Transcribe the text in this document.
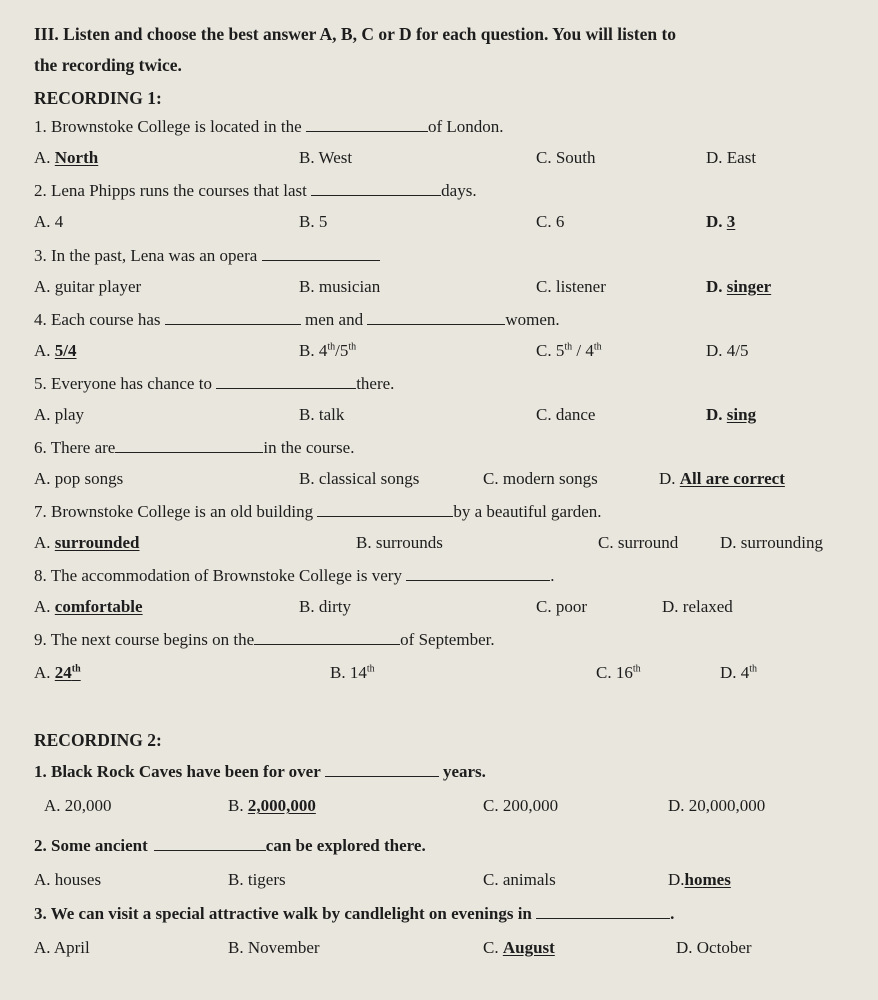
III. Listen and choose the best answer A, B, C or D for each question. You will listen to
the recording twice.
RECORDING 1:
1. Brownstoke College is located in the	of London.
A. North	B. West	C. South	D. East
2. Lena Phipps runs the courses that last	days.
A. 4	B. 5	C. 6	D. 3
3. In the past, Lena was an opera
A. guitar player	B. musician	C. listener	D. singer
4. Each course has	men and	women.
A. 5/4	B. 4th/5th	C. 5th / 4th	D. 4/5
5. Everyone has chance to	there.
A. play	B. talk	C. dance	D. sing
6. There are	in the course.
A. pop songs	B. classical songs	C. modern songs	D. All are correct
7. Brownstoke College is an old building	by a beautiful garden.
A. surrounded	B. surrounds	C. surround D. surrounding
8. The accommodation of Brownstoke College is very	.
A. comfortable	B. dirty	C. poor	D. relaxed
9. The next course begins on the	of September.
A. 24th	B. 14th	C. 16th	D. 4th
RECORDING 2:
1. Black Rock Caves have been for over	years.
A. 20,000	B. 2,000,000	C. 200,000	D. 20,000,000
2. Some ancient	can be explored there.
A. houses	B. tigers	C. animals	D.homes
3. We can visit a special attractive walk by candlelight on evenings in	.
A. April	B. November	C. August	D. October
